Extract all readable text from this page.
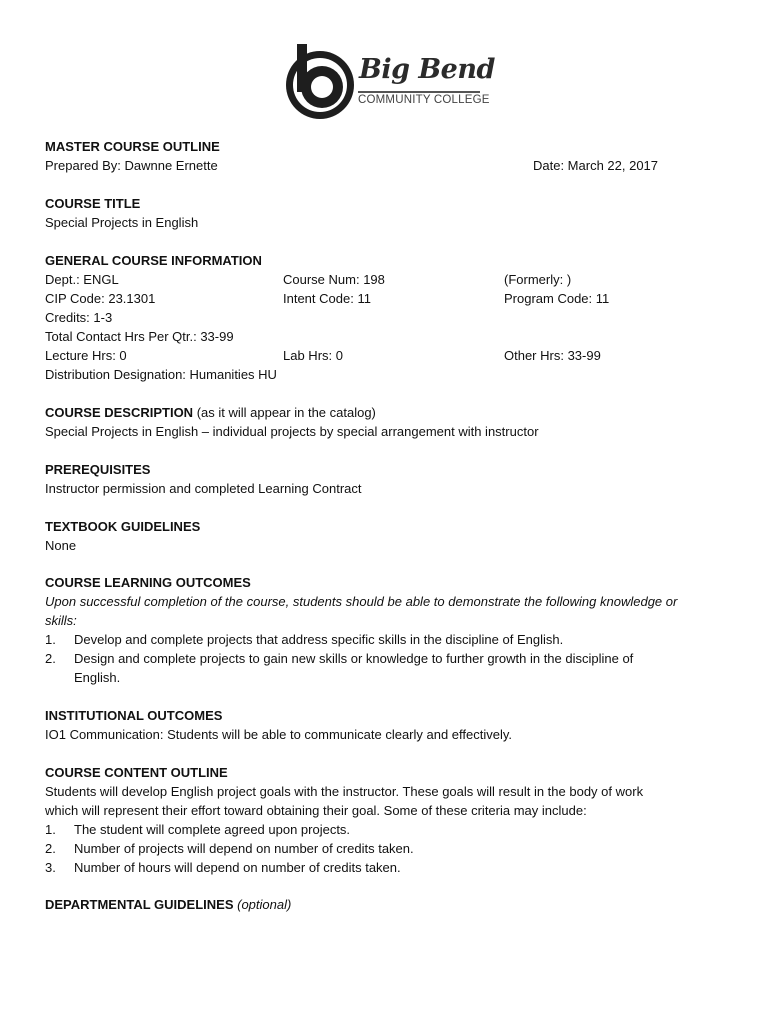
Big Bend
COMMUNITY COLLEGE
MASTER COURSE OUTLINE
Prepared By: Dawnne Ernette	Date: March 22, 2017
COURSE TITLE
Special Projects in English
GENERAL COURSE INFORMATION
Dept.: ENGL	Course Num: 198	(Formerly: )
CIP Code: 23.1301	Intent Code: 11	Program Code: 11
Credits: 1-3
Total Contact Hrs Per Qtr.: 33-99
Lecture Hrs: 0	Lab Hrs: 0	Other Hrs: 33-99
Distribution Designation: Humanities HU
COURSE DESCRIPTION (as it will appear in the catalog)
Special Projects in English – individual projects by special arrangement with instructor
PREREQUISITES
Instructor permission and completed Learning Contract
TEXTBOOK GUIDELINES
None
COURSE LEARNING OUTCOMES
Upon successful completion of the course, students should be able to demonstrate the following knowledge or
skills:
1.	Develop and complete projects that address specific skills in the discipline of English.
2.	Design and complete projects to gain new skills or knowledge to further growth in the discipline of
English.
INSTITUTIONAL OUTCOMES
IO1 Communication: Students will be able to communicate clearly and effectively.
COURSE CONTENT OUTLINE
Students will develop English project goals with the instructor. These goals will result in the body of work
which will represent their effort toward obtaining their goal. Some of these criteria may include:
1.	The student will complete agreed upon projects.
2.	Number of projects will depend on number of credits taken.
3.	Number of hours will depend on number of credits taken.
DEPARTMENTAL GUIDELINES (optional)
